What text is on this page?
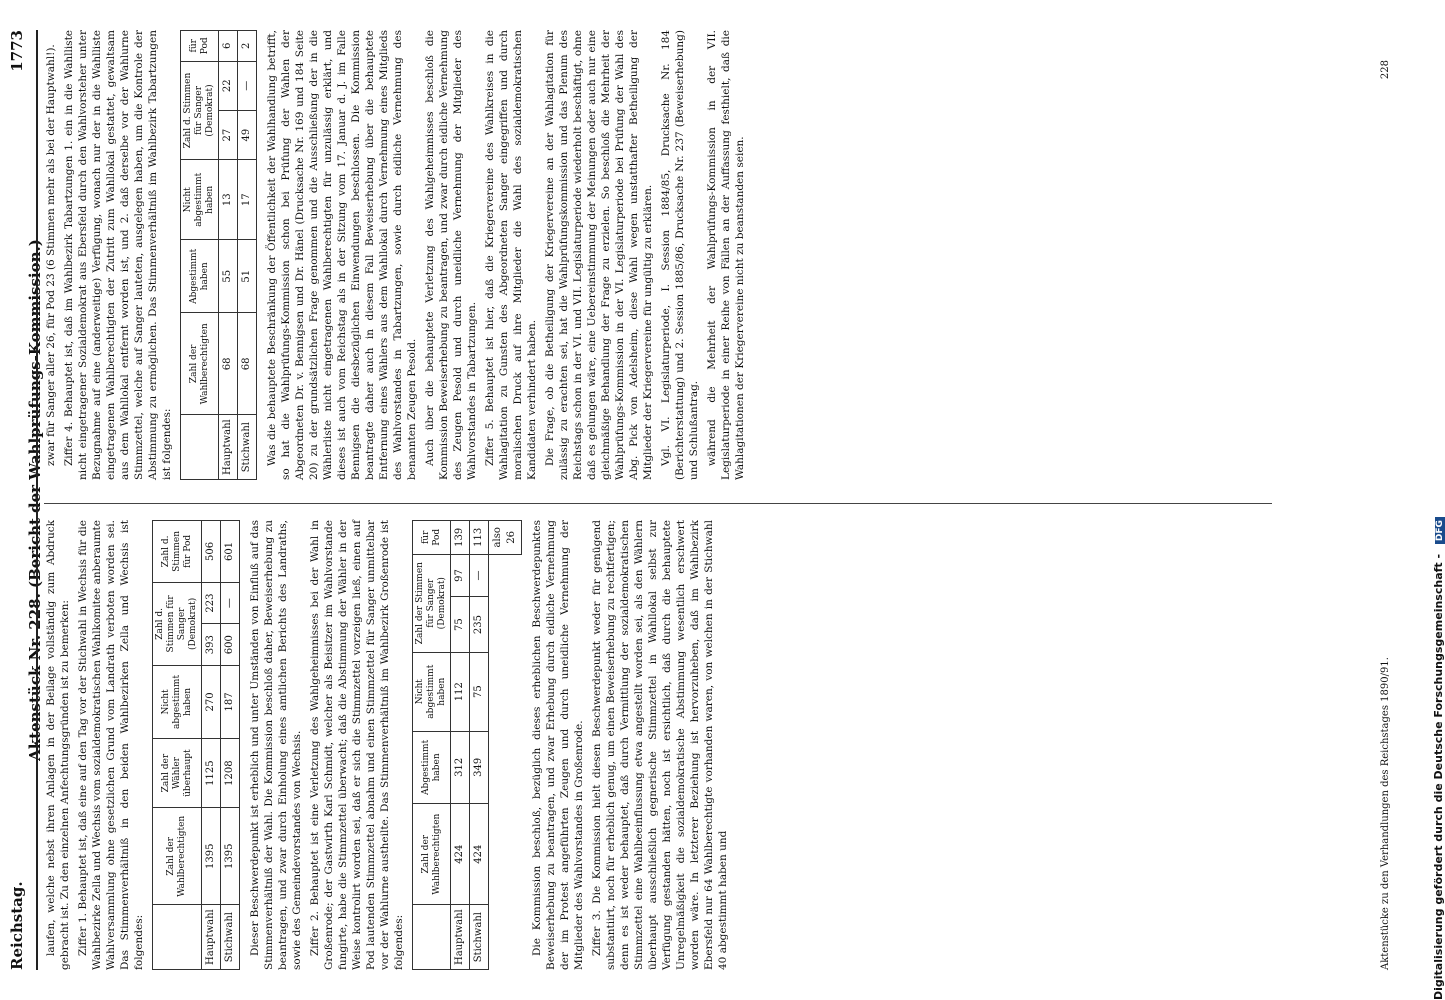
Reichstag.
Aktenstück Nr. 228. (Bericht der Wahlprüfungs-Kommission.)
1773

laufen, welche nebst ihren Anlagen in der Beilage vollständig zum Abdruck gebracht ist. Zu den einzelnen Anfechtungsgründen ist zu bemerken: Ziffer 1. Behauptet ist, daß eine auf den Tag vor der Stichwahl in Wechsis für die Wahlbezirke Zella und Wechsis vom sozialdemokratischen Wahlkomitee anberaumte Wahlversammlung ohne gesetzlichen Grund vom Landrath verboten worden sei. Das Stimmenverhältniß in den beiden Wahlbezirken Zella und Wechsis ist folgendes:

	Zahl der Wahlberechtigten	Zahl der Wähler überhaupt	Nicht abgestimmt haben	Zahl d. Stimmen für Sanger (Demokrat)		Zahl d. Stimmen für Pod
Hauptwahl	1395	1125	270	393	223	506
Stichwahl	1395	1208	187	600	—	601 Dieser Beschwerdepunkt ist erheblich und unter Umständen von Einfluß auf das Stimmenverhältniß der Wahl. Die Kommission beschloß daher, Beweiserhebung zu beantragen, und zwar durch Einholung eines amtlichen Berichts des Landraths, sowie des Gemeindevorstandes von Wechsis. Ziffer 2. Behauptet ist eine Verletzung des Wahlgeheimnisses bei der Wahl in Großenrode; der Gastwirth Karl Schmidt, welcher als Beisitzer im Wahlvorstande fungirte, habe die Stimmzettel überwacht; daß die Abstimmung der Wähler in der Weise kontrolirt worden sei, daß er sich die Stimmzettel vorzeigen ließ, einen auf Pod lautenden Stimmzettel abnahm und einen Stimmzettel für Sanger unmittelbar vor der Wahlurne austheilte. Das Stimmenverhältniß im Wahlbezirk Großenrode ist folgendes:

	Zahl der Wahlberechtigten	Abgestimmt haben	Nicht abgestimmt haben	Zahl der Stimmen für Sanger (Demokrat)		für Pod
Hauptwahl	424	312	112	75	97	139
Stichwahl	424	349	75	235	—	113
						also 26 Die Kommission beschloß, bezüglich dieses erheblichen Beschwerdepunktes Beweiserhebung zu beantragen, und zwar Erhebung durch eidliche Vernehmung der im Protest angeführten Zeugen und durch uneidliche Vernehmung der Mitglieder des Wahlvorstandes in Großenrode. Ziffer 3. Die Kommission hielt diesen Beschwerdepunkt weder für genügend substantiirt, noch für erheblich genug, um einen Beweiserhebung zu rechtfertigen; denn es ist weder behauptet, daß durch Vermittlung der sozialdemokratischen Stimmzettel eine Wahlbeeinflussung etwa angestellt worden sei, als den Wählern überhaupt ausschließlich gegnerische Stimmzettel in Wahllokal selbst zur Verfügung gestanden hätten, noch ist ersichtlich, daß durch die behauptete Unregelmäßigkeit die sozialdemokratische Abstimmung wesentlich erschwert worden wäre. In letzterer Beziehung ist hervorzuheben, daß im Wahlbezirk Ebersfeld nur 64 Wahlberechtigte vorhanden waren, von welchen in der Stichwahl 40 abgestimmt haben und

zwar für Sanger aller 26, für Pod 23 (6 Stimmen mehr als bei der Hauptwahl!). Ziffer 4. Behauptet ist, daß im Wahlbezirk Tabartzungen 1. ein in die Wahlliste nicht eingetragener Sozialdemokrat aus Ebersfeld durch den Wahlvorsteher unter Bezugnahme auf eine (anderweitige) Verfügung, wonach nur der in die Wahlliste eingetragenen Wahlberechtigten der Zutritt zum Wahllokal gestattet, gewaltsam aus dem Wahllokal entfernt worden ist, und 2. daß derselbe vor der Wahlurne Stimmzettel, welche auf Sanger lauteten, ausgelegen haben, um die Kontrole der Abstimmung zu ermöglichen. Das Stimmenverhältniß im Wahlbezirk Tabartzungen ist folgendes:

	Zahl der Wahlberechtigten	Abgestimmt haben	Nicht abgestimmt haben	Zahl d. Stimmen für Sanger (Demokrat)		für Pod
Hauptwahl	68	55	13	27	22	6
Stichwahl	68	51	17	49	—	2 Was die behauptete Beschränkung der Öffentlichkeit der Wahlhandlung betrifft, so hat die Wahlprüfungs-Kommission schon bei Prüfung der Wahlen der Abgeordneten Dr. v. Bennigsen und Dr. Hänel (Drucksache Nr. 169 und 184 Seite 20) zu der grundsätzlichen Frage genommen und die Ausschließung der in die Wählerliste nicht eingetragenen Wahlberechtigten für unzulässig erklärt, und dieses ist auch vom Reichstag als in der Sitzung vom 17. Januar d. J. im Falle Bennigsen die diesbezüglichen Einwendungen beschlossen. Die Kommission beantragte daher auch in diesem Fall Beweiserhebung über die behauptete Entfernung eines Wählers aus dem Wahllokal durch Vernehmung eines Mitglieds des Wahlvorstandes in Tabartzungen, sowie durch eidliche Vernehmung des benannten Zeugen Pesold. Auch über die behauptete Verletzung des Wahlgeheimnisses beschloß die Kommission Beweiserhebung zu beantragen, und zwar durch eidliche Vernehmung des Zeugen Pesold und durch uneidliche Vernehmung der Mitglieder des Wahlvorstandes in Tabartzungen. Ziffer 5. Behauptet ist hier, daß die Kriegervereine des Wahlkreises in die Wahlagitation zu Gunsten des Abgeordneten Sanger eingegriffen und durch moralischen Druck auf ihre Mitglieder die Wahl des sozialdemokratischen Kandidaten verhindert haben. Die Frage, ob die Betheiligung der Kriegervereine an der Wahlagitation für zulässig zu erachten sei, hat die Wahlprüfungskommission und das Plenum des Reichstags schon in der VI. und VII. Legislaturperiode wiederholt beschäftigt, ohne daß es gelungen wäre, eine Uebereinstimmung der Meinungen oder auch nur eine gleichmäßige Behandlung der Frage zu erzielen. So beschloß die Mehrheit der Wahlprüfungs-Kommission in der VI. Legislaturperiode bei Prüfung der Wahl des Abg. Pick von Adelsheim, diese Wahl wegen unstatthafter Betheiligung der Mitglieder der Kriegervereine für ungültig zu erklären. Vgl. VI. Legislaturperiode, I. Session 1884/85, Drucksache Nr. 184 (Berichterstattung) und 2. Session 1885/86, Drucksache Nr. 237 (Beweiserhebung) und Schlußantrag. während die Mehrheit der Wahlprüfungs-Kommission in der VII. Legislaturperiode in einer Reihe von Fällen an der Auffassung festhielt, daß die Wahlagitationen der Kriegervereine nicht zu beanstanden seien.

Aktenstücke zu den Verhandlungen des Reichstages 1890/91.
228
Digitalisierung gefördert durch die Deutsche Forschungsgemeinschaft - DFG
